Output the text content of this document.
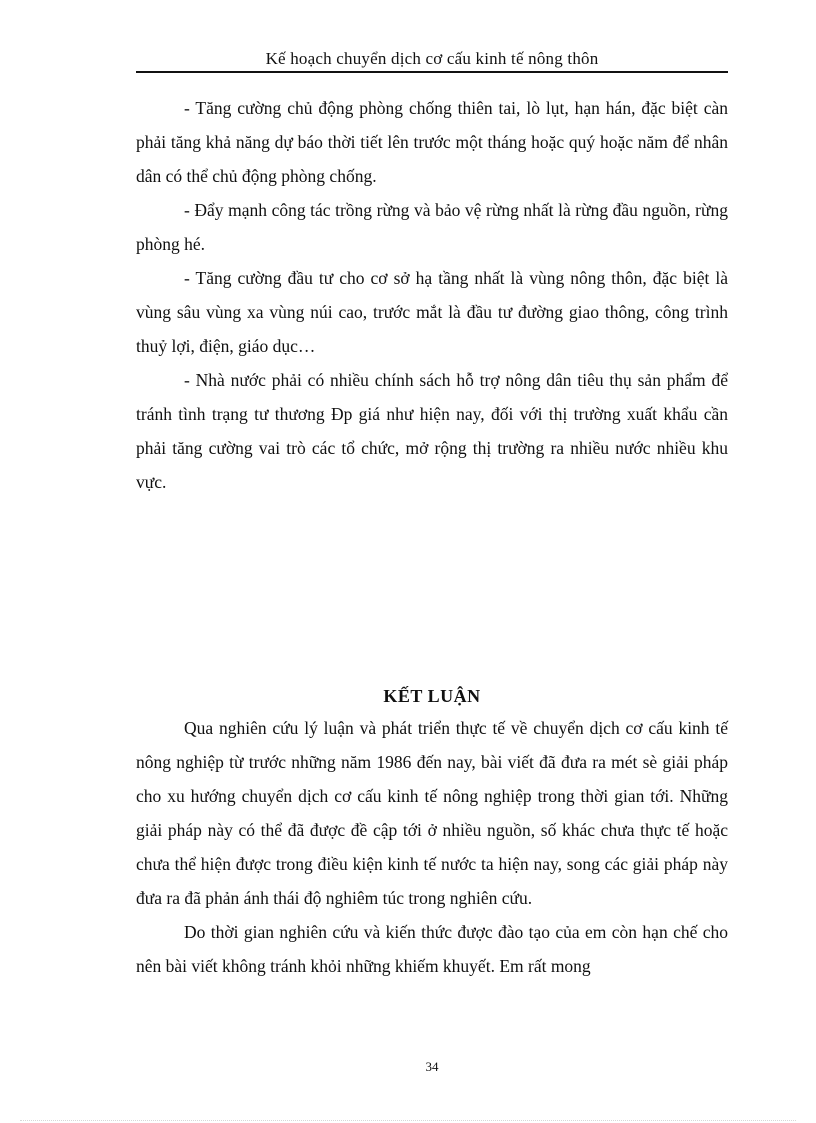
Kế hoạch chuyển dịch cơ cấu kinh tế nông thôn

- Tăng cường chủ động phòng chống thiên tai, lò lụt, hạn hán, đặc biệt càn phải tăng khả năng dự báo thời tiết lên trước một tháng hoặc quý hoặc năm để nhân dân có thể chủ động phòng chống.

- Đẩy mạnh công tác trồng rừng và bảo vệ rừng nhất là rừng đầu nguồn, rừng phòng hé.

- Tăng cường đầu tư cho cơ sở hạ tầng nhất là vùng nông thôn, đặc biệt là vùng sâu vùng xa vùng núi cao, trước mắt là đầu tư đường giao thông, công trình thuỷ lợi, điện, giáo dục…

- Nhà nước phải có nhiều chính sách hỗ trợ nông dân tiêu thụ sản phẩm để tránh tình trạng tư thương Đp giá như hiện nay, đối với thị trường xuất khẩu cần phải tăng cường vai trò các tổ chức, mở rộng thị trường ra nhiều nước nhiều khu vực.

KẾT LUẬN

Qua nghiên cứu lý luận và phát triển thực tế về chuyển dịch cơ cấu kinh tế nông nghiệp từ trước những năm 1986 đến nay, bài viết đã đưa ra mét sè giải pháp cho xu hướng chuyển dịch cơ cấu kinh tế nông nghiệp trong thời gian tới. Những giải pháp này có thể đã được đề cập tới ở nhiều nguồn, số khác chưa thực tế hoặc chưa thể hiện được trong điều kiện kinh tế nước ta hiện nay, song các giải pháp này đưa ra đã phản ánh thái độ nghiêm túc trong nghiên cứu.

Do thời gian nghiên cứu và kiến thức được đào tạo của em còn hạn chế cho nên bài viết không tránh khỏi những khiếm khuyết. Em rất mong

34
